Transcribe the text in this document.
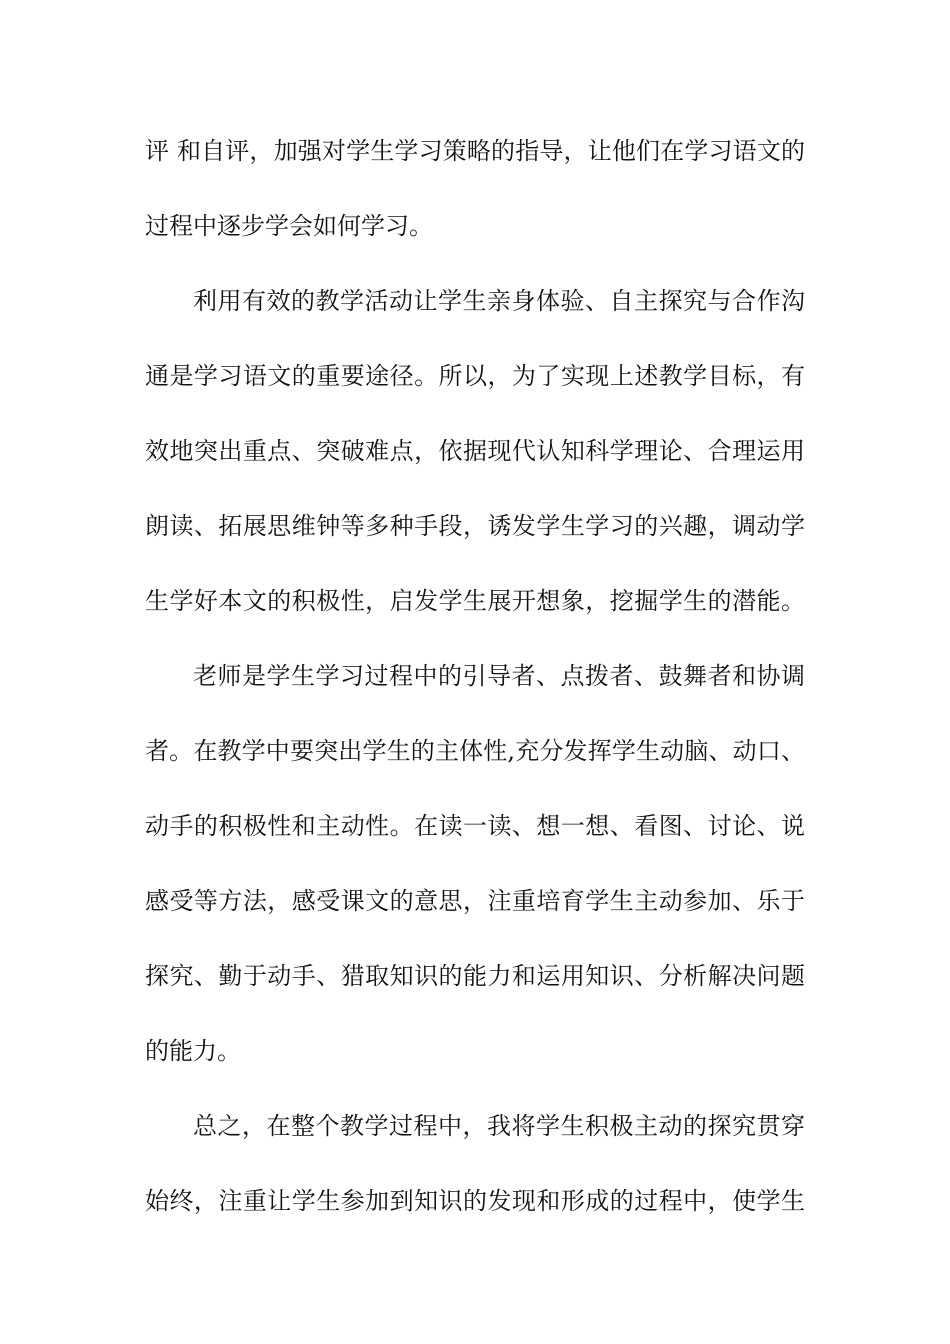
评 和自评，加强对学生学习策略的指导，让他们在学习语文的
过程中逐步学会如何学习。
利用有效的教学活动让学生亲身体验、自主探究与合作沟
通是学习语文的重要途径。所以，为了实现上述教学目标，有
效地突出重点、突破难点，依据现代认知科学理论、合理运用
朗读、拓展思维钟等多种手段，诱发学生学习的兴趣，调动学
生学好本文的积极性，启发学生展开想象，挖掘学生的潜能。
老师是学生学习过程中的引导者、点拨者、鼓舞者和协调
者。在教学中要突出学生的主体性,充分发挥学生动脑、动口、
动手的积极性和主动性。在读一读、想一想、看图、讨论、说
感受等方法，感受课文的意思，注重培育学生主动参加、乐于
探究、勤于动手、猎取知识的能力和运用知识、分析解决问题
的能力。
总之，在整个教学过程中，我将学生积极主动的探究贯穿
始终，注重让学生参加到知识的发现和形成的过程中，使学生
